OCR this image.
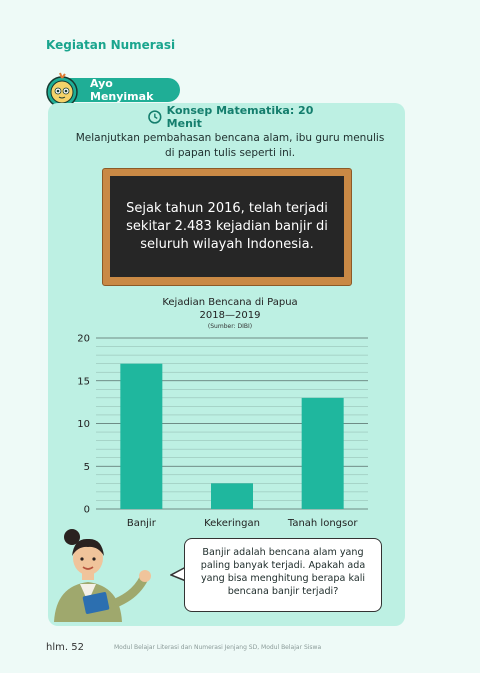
Kegiatan Numerasi
Ayo Menyimak
Konsep Matematika: 20 Menit
Melanjutkan pembahasan bencana alam, ibu guru menulis di papan tulis seperti ini.
Sejak tahun 2016, telah terjadi sekitar 2.483 kejadian banjir di seluruh wilayah Indonesia.
Kejadian Bencana di Papua
2018—2019
(Sumber: DIBI)
0
5
10
15
20
Banjir	Kekeringan	Tanah longsor
Banjir adalah bencana alam yang paling banyak terjadi. Apakah ada yang bisa menghitung berapa kali bencana banjir terjadi?
hlm. 52	Modul Belajar Literasi dan Numerasi Jenjang SD, Modul Belajar Siswa
